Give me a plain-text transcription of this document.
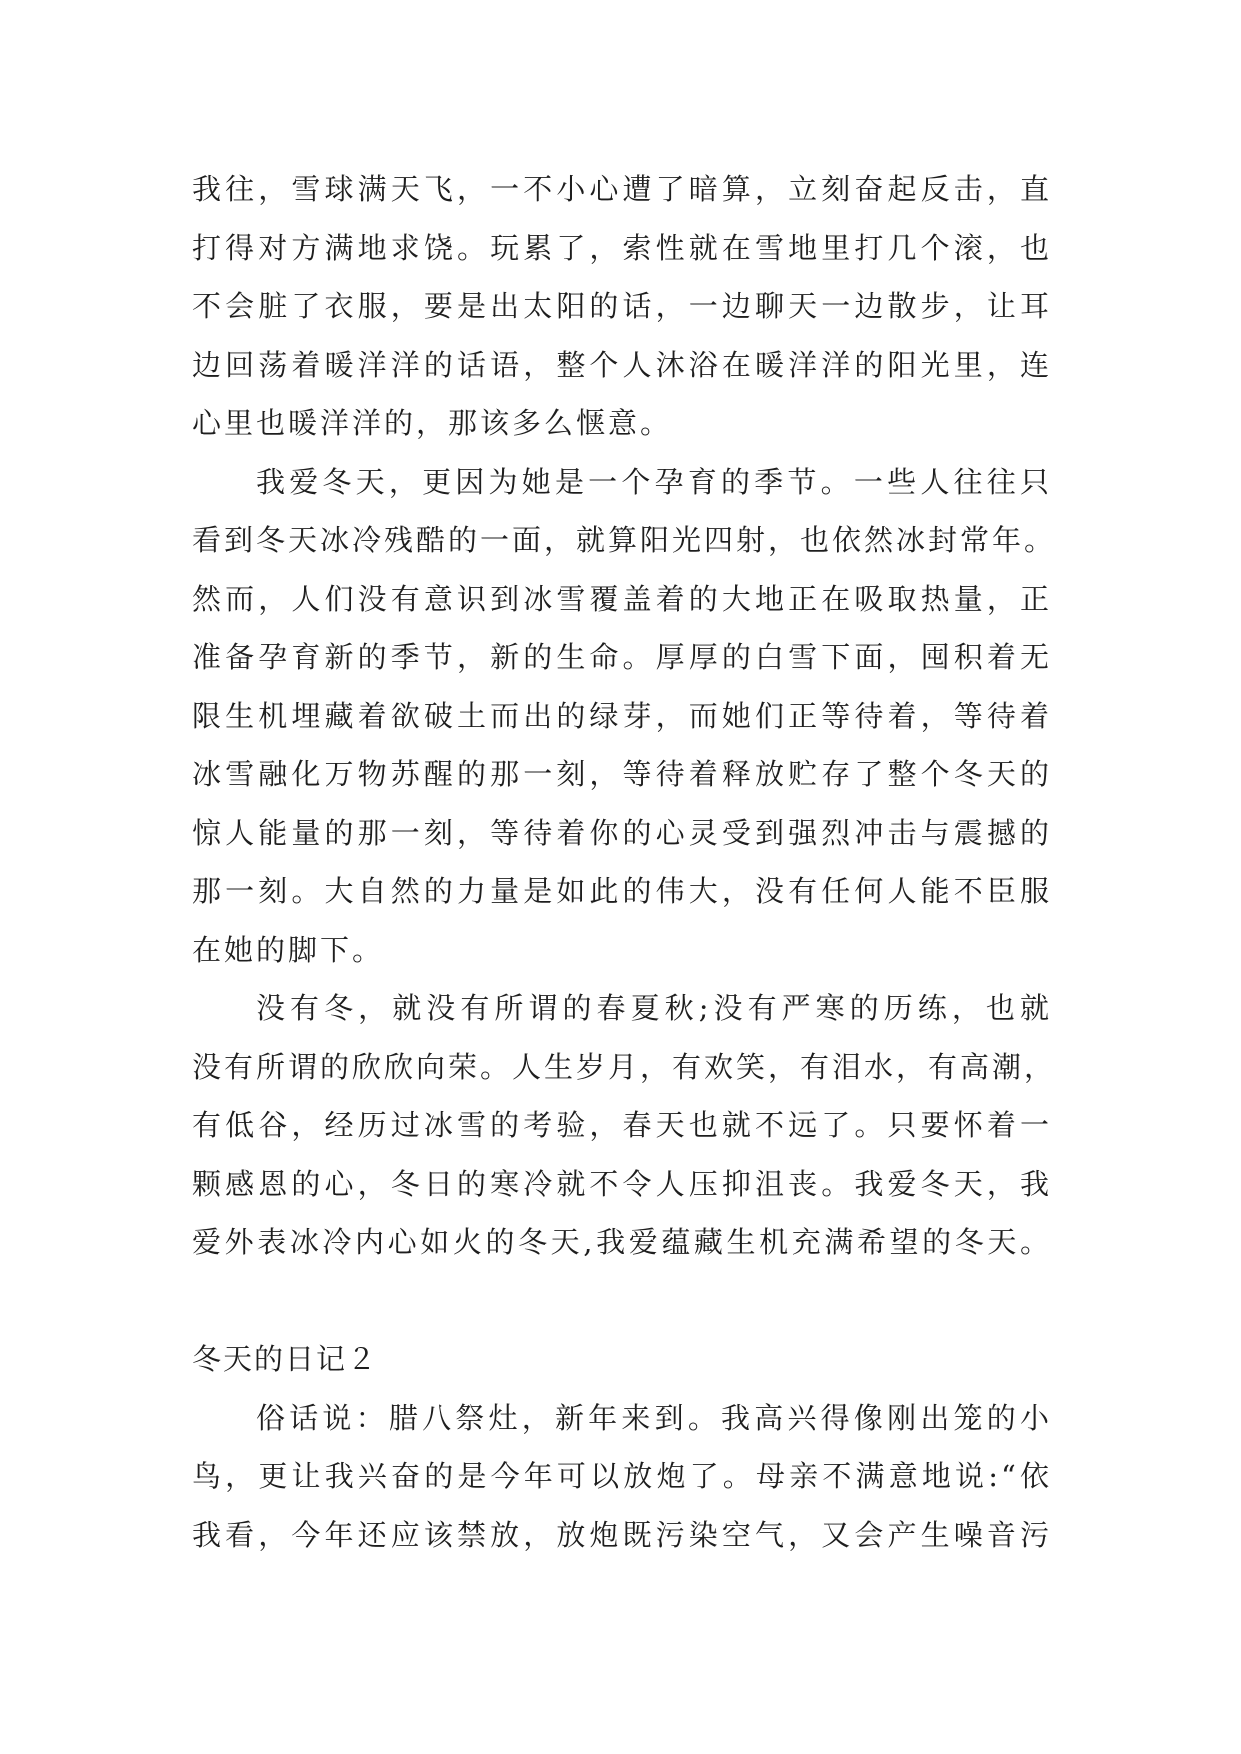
我往，雪球满天飞，一不小心遭了暗算，立刻奋起反击，直
打得对方满地求饶。玩累了，索性就在雪地里打几个滚，也
不会脏了衣服，要是出太阳的话，一边聊天一边散步，让耳
边回荡着暖洋洋的话语，整个人沐浴在暖洋洋的阳光里，连
心里也暖洋洋的，那该多么惬意。
我爱冬天，更因为她是一个孕育的季节。一些人往往只
看到冬天冰冷残酷的一面，就算阳光四射，也依然冰封常年。
然而，人们没有意识到冰雪覆盖着的大地正在吸取热量，正
准备孕育新的季节，新的生命。厚厚的白雪下面，囤积着无
限生机埋藏着欲破土而出的绿芽，而她们正等待着，等待着
冰雪融化万物苏醒的那一刻，等待着释放贮存了整个冬天的
惊人能量的那一刻，等待着你的心灵受到强烈冲击与震撼的
那一刻。大自然的力量是如此的伟大，没有任何人能不臣服
在她的脚下。
没有冬，就没有所谓的春夏秋;没有严寒的历练，也就
没有所谓的欣欣向荣。人生岁月，有欢笑，有泪水，有高潮，
有低谷，经历过冰雪的考验，春天也就不远了。只要怀着一
颗感恩的心，冬日的寒冷就不令人压抑沮丧。我爱冬天，我
爱外表冰冷内心如火的冬天,我爱蕴藏生机充满希望的冬天。
冬天的日记２
俗话说：腊八祭灶，新年来到。我高兴得像刚出笼的小
鸟，更让我兴奋的是今年可以放炮了。母亲不满意地说:“依
我看，今年还应该禁放，放炮既污染空气，又会产生噪音污
